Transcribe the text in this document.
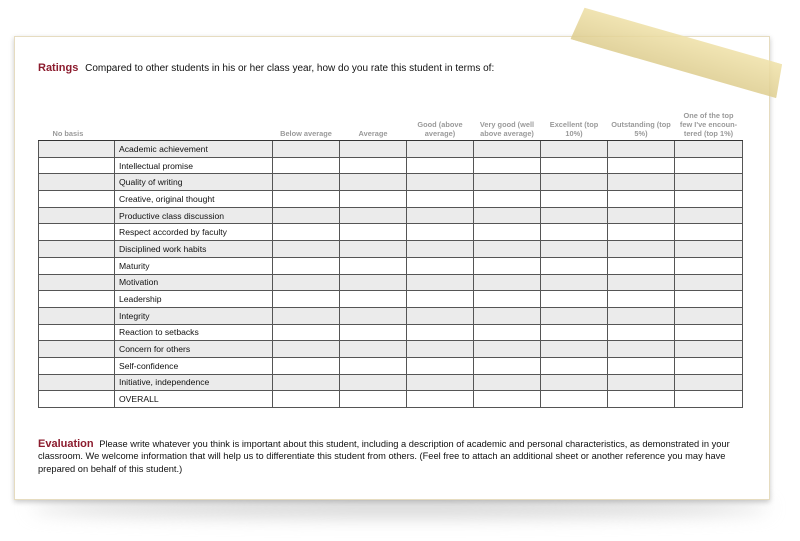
Ratings Compared to other students in his or her class year, how do you rate this student in terms of:
No basis		Below average	Average	Good (above average)	Very good (well above average)	Excellent (top 10%)	Outstanding (top 5%)	One of the top few I've encoun-tered (top 1%)
	Academic achievement							
	Intellectual promise							
	Quality of writing							
	Creative, original thought							
	Productive class discussion							
	Respect accorded by faculty							
	Disciplined work habits							
	Maturity							
	Motivation							
	Leadership							
	Integrity							
	Reaction to setbacks							
	Concern for others							
	Self-confidence							
	Initiative, independence							
	OVERALL							
Evaluation Please write whatever you think is important about this student, including a description of academic and personal characteristics, as demonstrated in your classroom. We welcome information that will help us to differentiate this student from others. (Feel free to attach an additional sheet or another reference you may have prepared on behalf of this student.)
